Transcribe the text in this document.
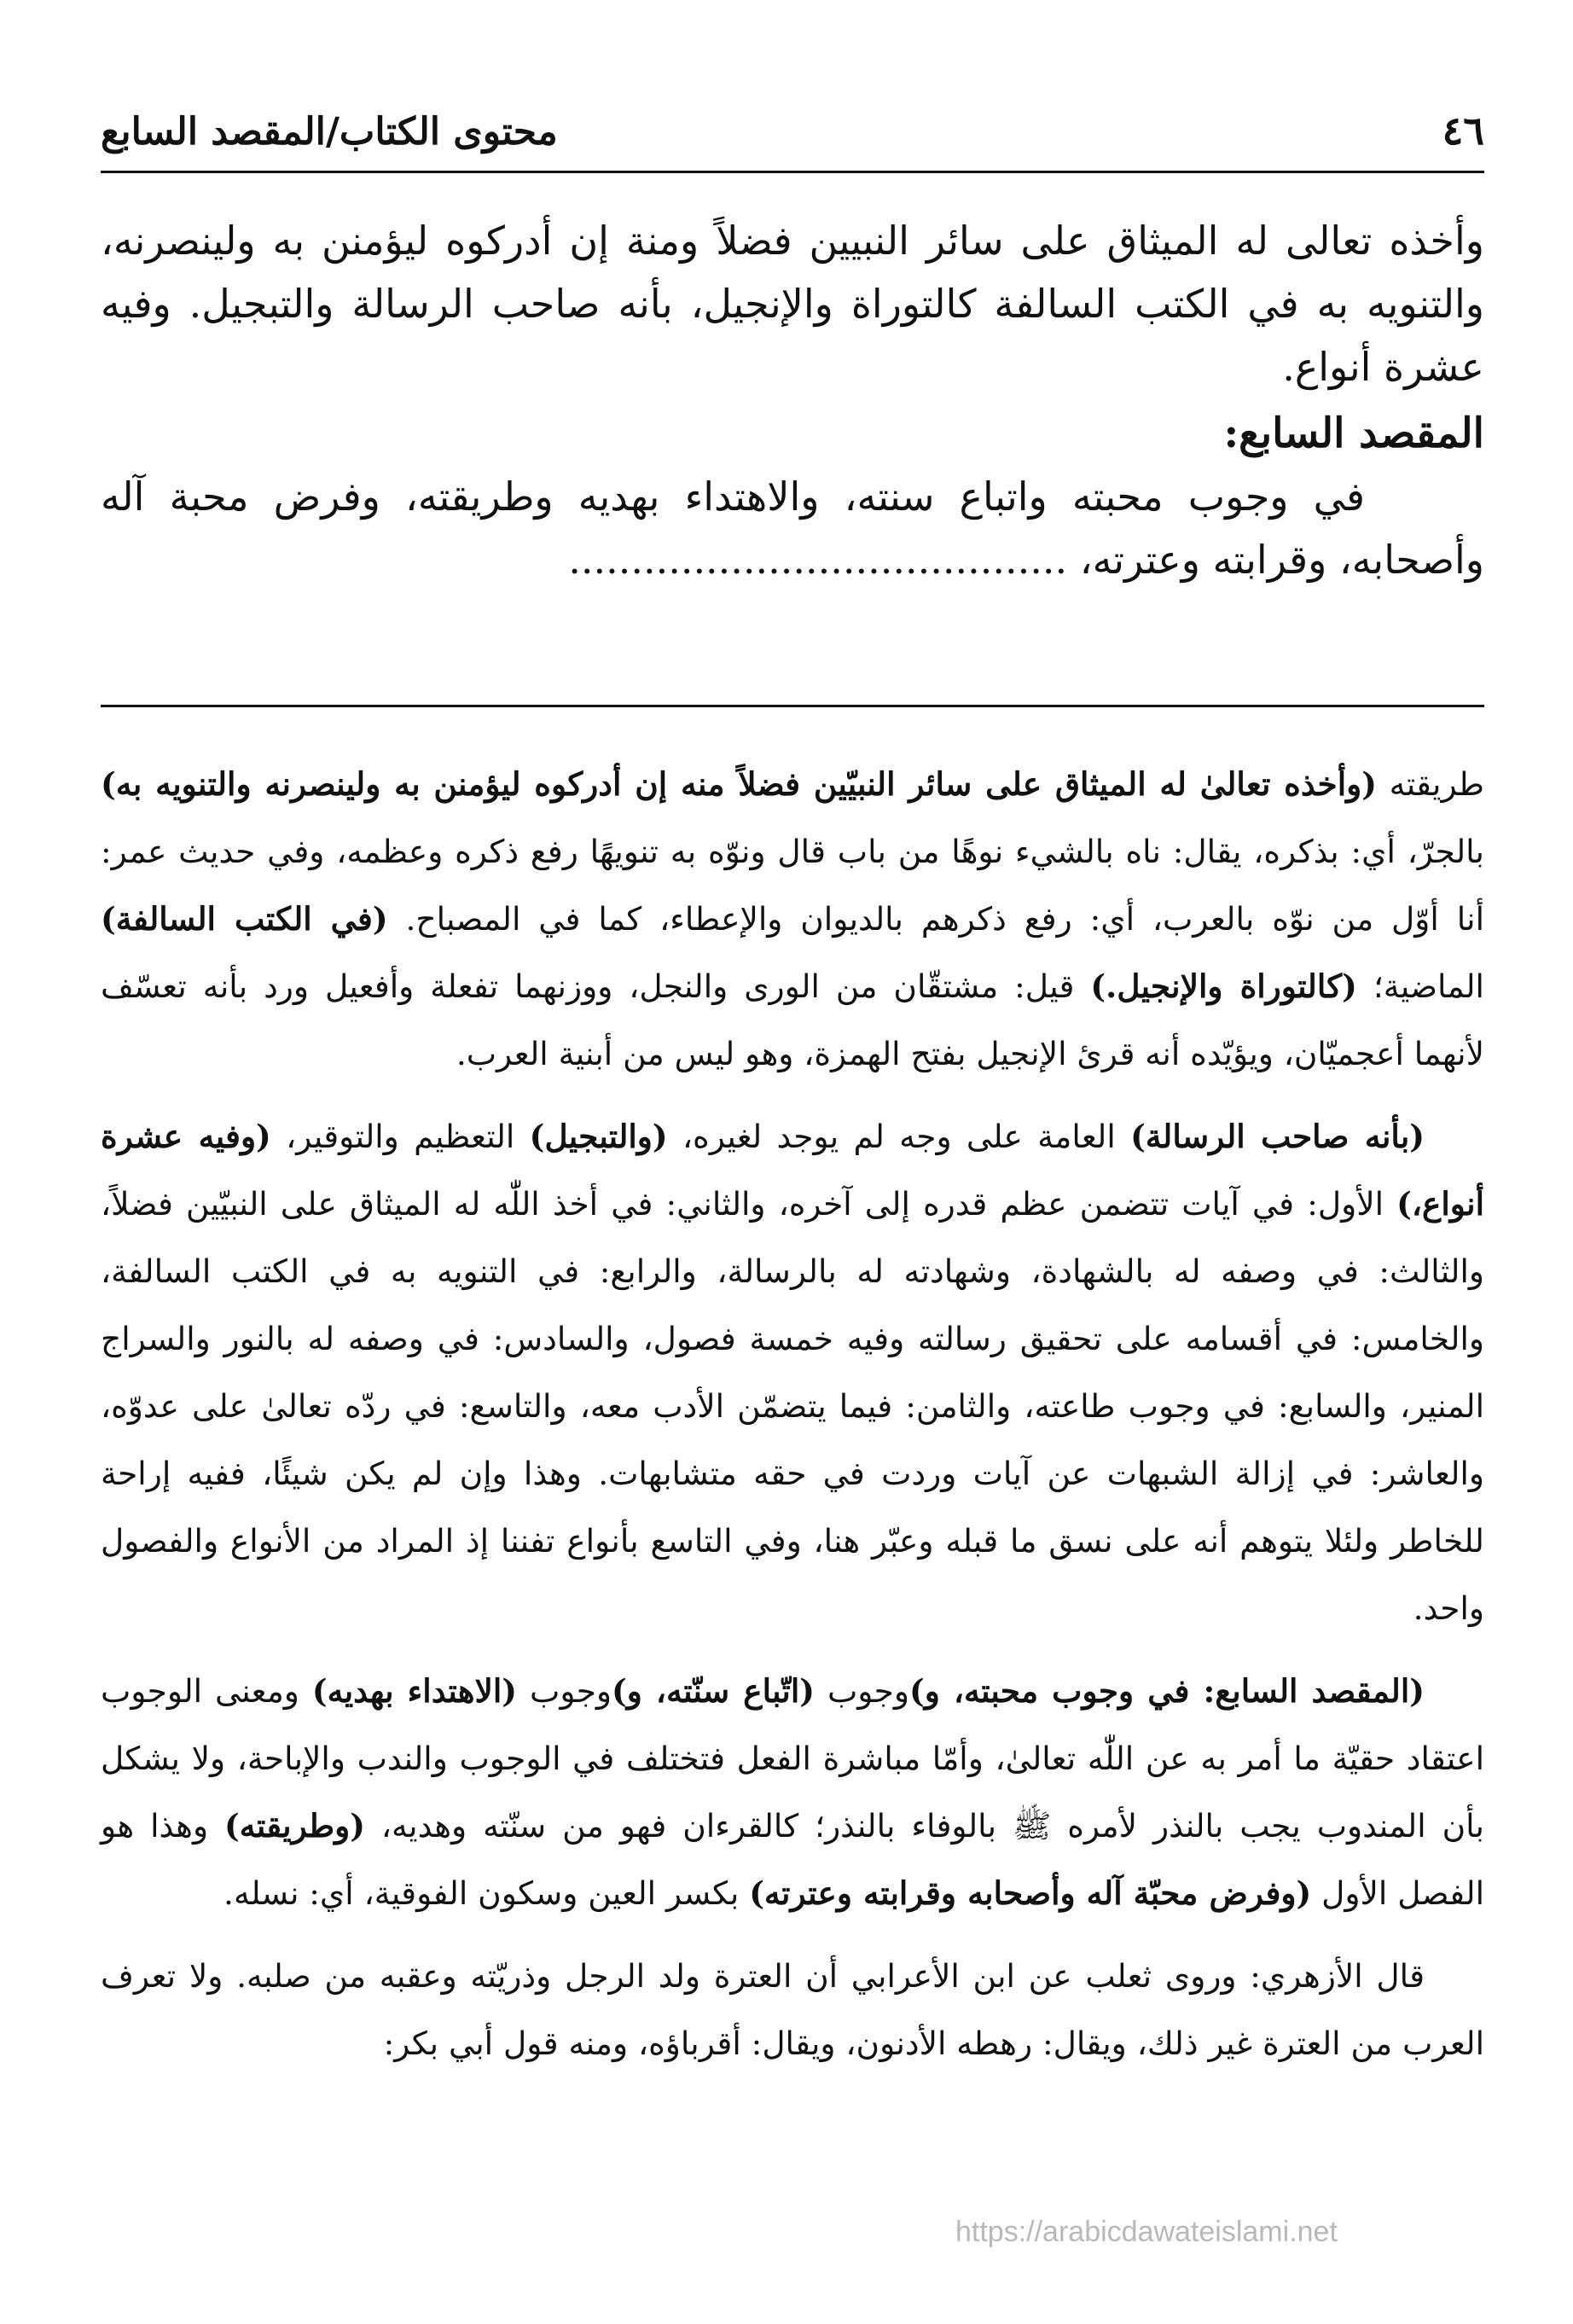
٤٦
محتوى الكتاب/المقصد السابع

وأخذه تعالى له الميثاق على سائر النبيين فضلاً ومنة إن أدركوه ليؤمنن به ولينصرنه، والتنويه به في الكتب السالفة كالتوراة والإنجيل، بأنه صاحب الرسالة والتبجيل. وفيه عشرة أنواع.

المقصد السابع:

في وجوب محبته واتباع سنته، والاهتداء بهديه وطريقته، وفرض محبة آله وأصحابه، وقرابته وعترته، ........................................

طريقته (وأخذه تعالىٰ له الميثاق على سائر النبيّين فضلاً منه إن أدركوه ليؤمنن به ولينصرنه والتنويه به) بالجرّ، أي: بذكره، يقال: ناه بالشيء نوهًا من باب قال ونوّه به تنويهًا رفع ذكره وعظمه، وفي حديث عمر: أنا أوّل من نوّه بالعرب، أي: رفع ذكرهم بالديوان والإعطاء، كما في المصباح. (في الكتب السالفة) الماضية؛ (كالتوراة والإنجيل.) قيل: مشتقّان من الورى والنجل، ووزنهما تفعلة وأفعيل ورد بأنه تعسّف لأنهما أعجميّان، ويؤيّده أنه قرئ الإنجيل بفتح الهمزة، وهو ليس من أبنية العرب.

(بأنه صاحب الرسالة) العامة على وجه لم يوجد لغيره، (والتبجيل) التعظيم والتوقير، (وفيه عشرة أنواع،) الأول: في آيات تتضمن عظم قدره إلى آخره، والثاني: في أخذ اللّٰه له الميثاق على النبيّين فضلاً، والثالث: في وصفه له بالشهادة، وشهادته له بالرسالة، والرابع: في التنويه به في الكتب السالفة، والخامس: في أقسامه على تحقيق رسالته وفيه خمسة فصول، والسادس: في وصفه له بالنور والسراج المنير، والسابع: في وجوب طاعته، والثامن: فيما يتضمّن الأدب معه، والتاسع: في ردّه تعالىٰ على عدوّه، والعاشر: في إزالة الشبهات عن آيات وردت في حقه متشابهات. وهذا وإن لم يكن شيئًا، ففيه إراحة للخاطر ولئلا يتوهم أنه على نسق ما قبله وعبّر هنا، وفي التاسع بأنواع تفننا إذ المراد من الأنواع والفصول واحد.

(المقصد السابع: في وجوب محبته، و)وجوب (اتّباع سنّته، و)وجوب (الاهتداء بهديه) ومعنى الوجوب اعتقاد حقيّة ما أمر به عن اللّٰه تعالىٰ، وأمّا مباشرة الفعل فتختلف في الوجوب والندب والإباحة، ولا يشكل بأن المندوب يجب بالنذر لأمره ﷺ بالوفاء بالنذر؛ كالقرءان فهو من سنّته وهديه، (وطريقته) وهذا هو الفصل الأول (وفرض محبّة آله وأصحابه وقرابته وعترته) بكسر العين وسكون الفوقية، أي: نسله.

قال الأزهري: وروى ثعلب عن ابن الأعرابي أن العترة ولد الرجل وذريّته وعقبه من صلبه. ولا تعرف العرب من العترة غير ذلك، ويقال: رهطه الأدنون، ويقال: أقرباؤه، ومنه قول أبي بكر:

https://arabicdawateislami.net
